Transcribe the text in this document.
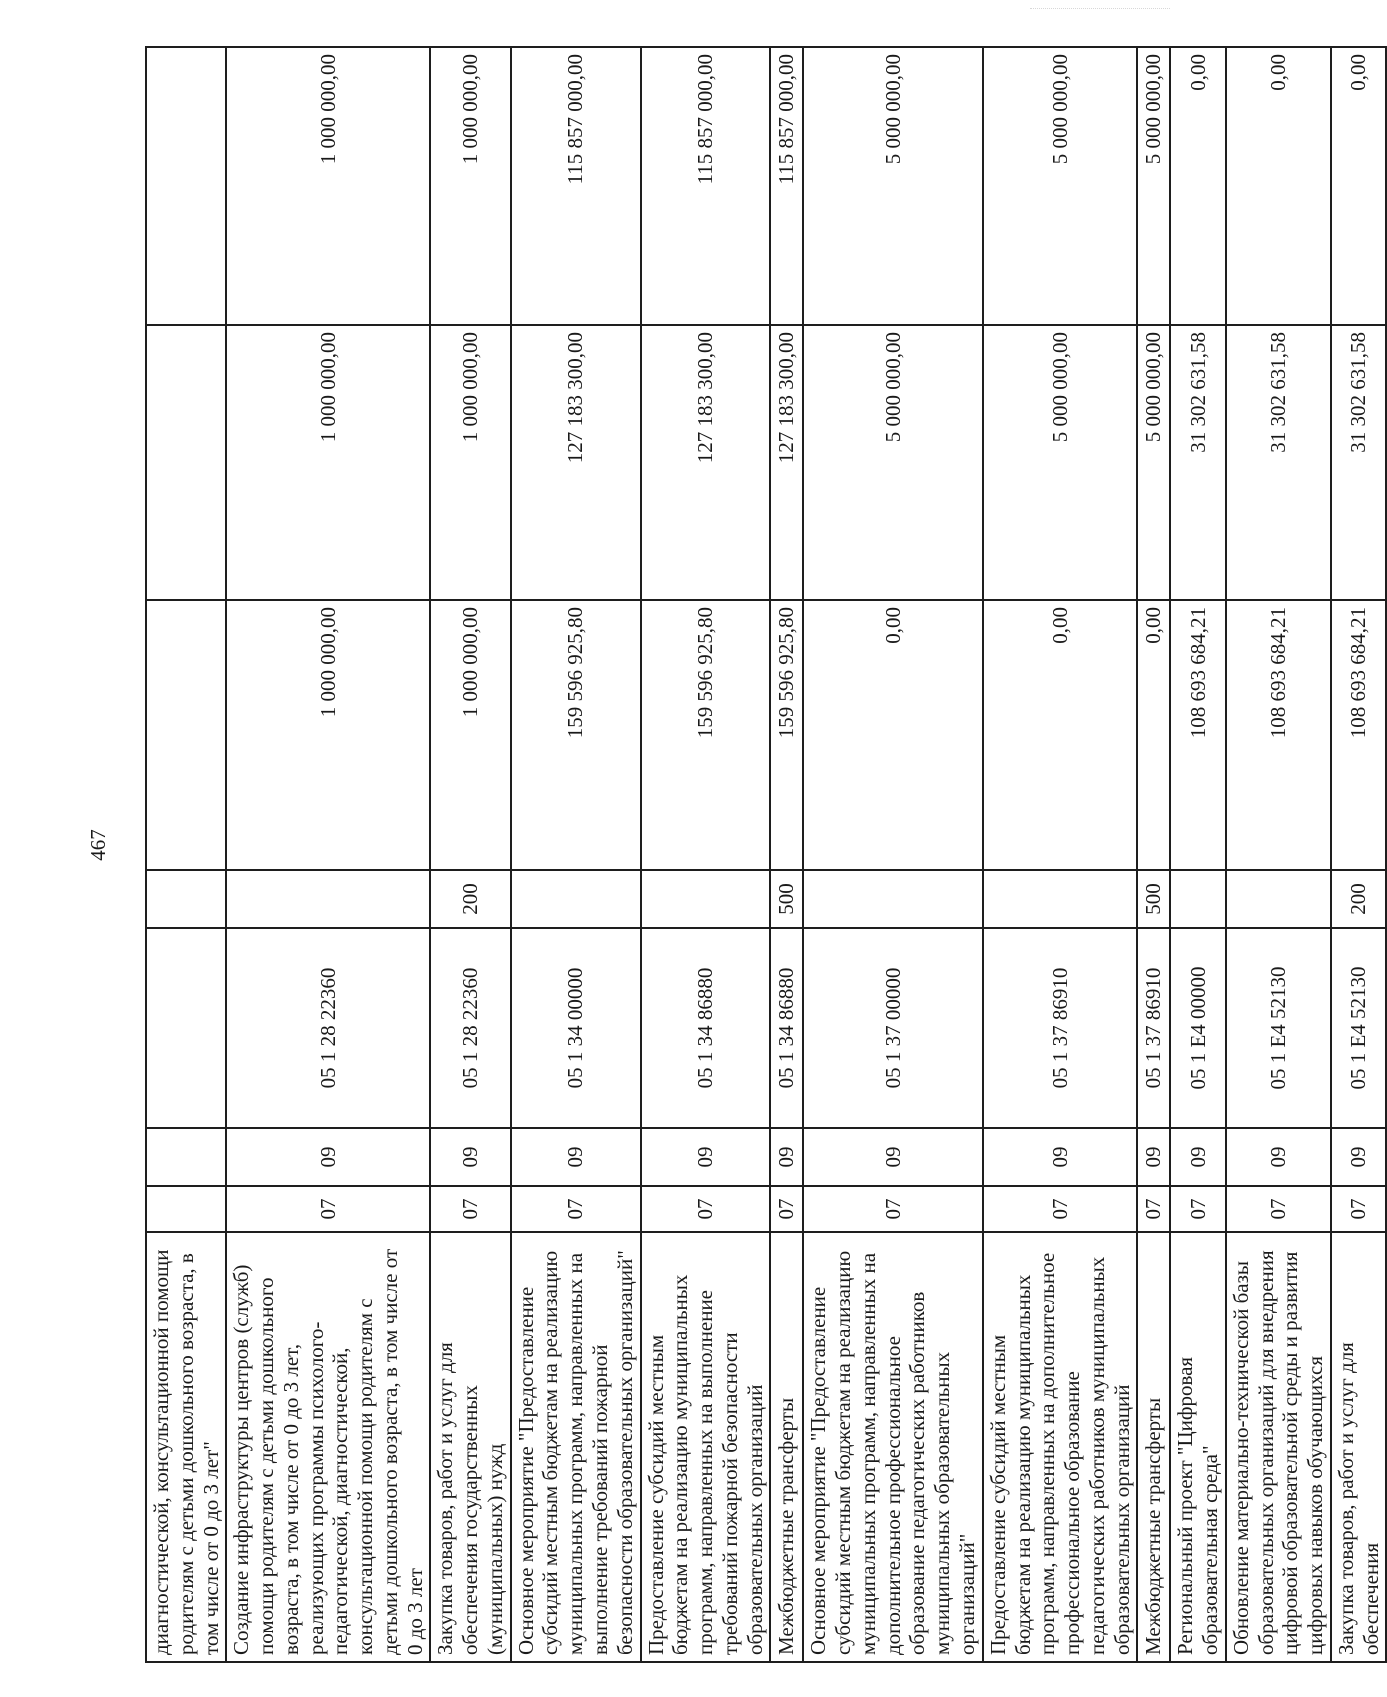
467
диагностической, консультационной помощи родителям с детьми дошкольного возраста, в том числе от 0 до 3 лет"							
Создание инфраструктуры центров (служб) помощи родителям с детьми дошкольного возраста, в том числе от 0 до 3 лет, реализующих программы психолого-педагогической, диагностической, консультационной помощи родителям с детьми дошкольного возраста, в том числе от 0 до 3 лет	07	09	05 1 28 22360		1 000 000,00	1 000 000,00	1 000 000,00
Закупка товаров, работ и услуг для обеспечения государственных (муниципальных) нужд	07	09	05 1 28 22360	200	1 000 000,00	1 000 000,00	1 000 000,00
Основное мероприятие "Предоставление субсидий местным бюджетам на реализацию муниципальных программ, направленных на выполнение требований пожарной безопасности образовательных организаций"	07	09	05 1 34 00000		159 596 925,80	127 183 300,00	115 857 000,00
Предоставление субсидий местным бюджетам на реализацию муниципальных программ, направленных на выполнение требований пожарной безопасности образовательных организаций	07	09	05 1 34 86880		159 596 925,80	127 183 300,00	115 857 000,00
Межбюджетные трансферты	07	09	05 1 34 86880	500	159 596 925,80	127 183 300,00	115 857 000,00
Основное мероприятие "Предоставление субсидий местным бюджетам на реализацию муниципальных программ, направленных на дополнительное профессиональное образование педагогических работников муниципальных образовательных организаций"	07	09	05 1 37 00000		0,00	5 000 000,00	5 000 000,00
Предоставление субсидий местным бюджетам на реализацию муниципальных программ, направленных на дополнительное профессиональное образование педагогических работников муниципальных образовательных организаций	07	09	05 1 37 86910		0,00	5 000 000,00	5 000 000,00
Межбюджетные трансферты	07	09	05 1 37 86910	500	0,00	5 000 000,00	5 000 000,00
Региональный проект "Цифровая образовательная среда"	07	09	05 1 Е4 00000		108 693 684,21	31 302 631,58	0,00
Обновление материально-технической базы образовательных организаций для внедрения цифровой образовательной среды и развития цифровых навыков обучающихся	07	09	05 1 Е4 52130		108 693 684,21	31 302 631,58	0,00
Закупка товаров, работ и услуг для обеспечения	07	09	05 1 Е4 52130	200	108 693 684,21	31 302 631,58	0,00
